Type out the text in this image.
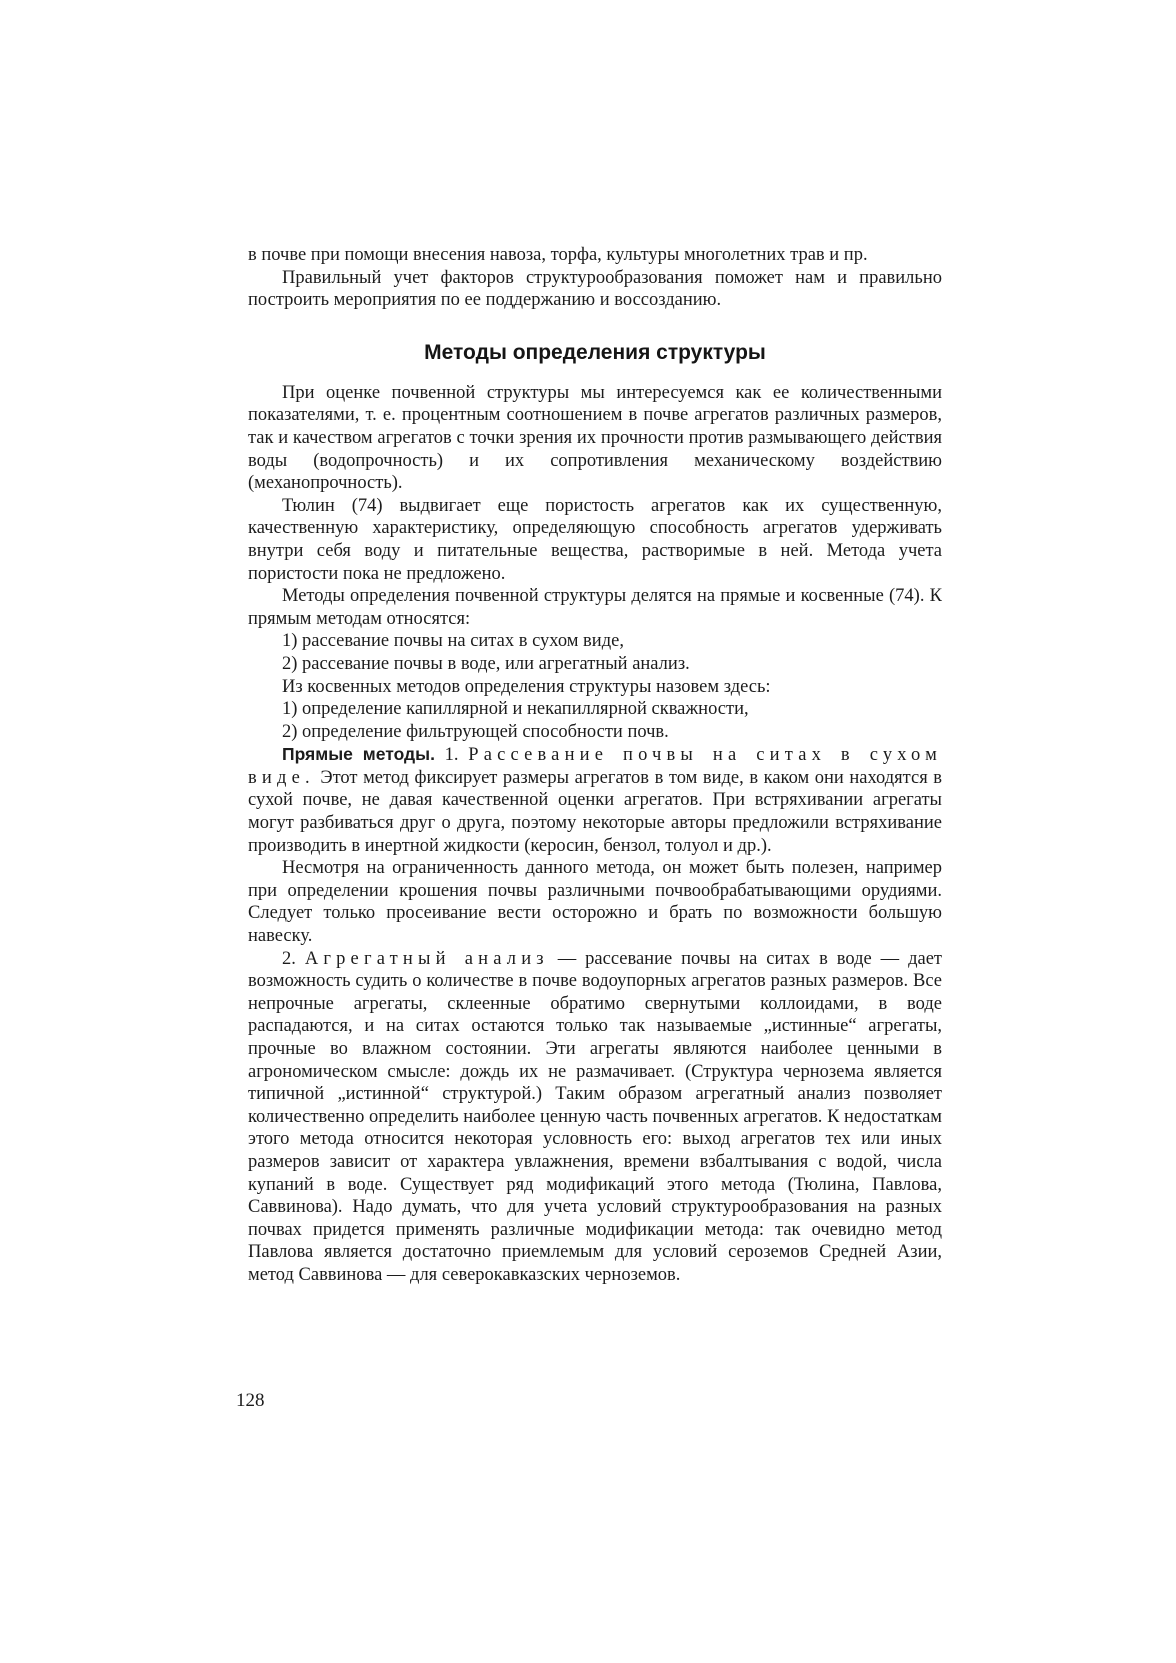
в почве при помощи внесения навоза, торфа, культуры многолетних трав и пр.

Правильный учет факторов структурообразования поможет нам и правильно построить мероприятия по ее поддержанию и воссозданию.

Методы определения структуры

При оценке почвенной структуры мы интересуемся как ее количественными показателями, т. е. процентным соотношением в почве агрегатов различных размеров, так и качеством агрегатов с точки зрения их прочности против размывающего действия воды (водопрочность) и их сопротивления механическому воздействию (механопрочность).

Тюлин (74) выдвигает еще пористость агрегатов как их существенную, качественную характеристику, определяющую способность агрегатов удерживать внутри себя воду и питательные вещества, растворимые в ней. Метода учета пористости пока не предложено.

Методы определения почвенной структуры делятся на прямые и косвенные (74). К прямым методам относятся:

1) рассевание почвы на ситах в сухом виде,

2) рассевание почвы в воде, или агрегатный анализ.

Из косвенных методов определения структуры назовем здесь:

1) определение капиллярной и некапиллярной скважности,

2) определение фильтрующей способности почв.

Прямые методы. 1. Рассевание почвы на ситах в сухом виде. Этот метод фиксирует размеры агрегатов в том виде, в каком они находятся в сухой почве, не давая качественной оценки агрегатов. При встряхивании агрегаты могут разбиваться друг о друга, поэтому некоторые авторы предложили встряхивание производить в инертной жидкости (керосин, бензол, толуол и др.).

Несмотря на ограниченность данного метода, он может быть полезен, например при определении крошения почвы различными почвообрабатывающими орудиями. Следует только просеивание вести осторожно и брать по возможности большую навеску.

2. Агрегатный анализ — рассевание почвы на ситах в воде — дает возможность судить о количестве в почве водоупорных агрегатов разных размеров. Все непрочные агрегаты, склеенные обратимо свернутыми коллоидами, в воде распадаются, и на ситах остаются только так называемые „истинные“ агрегаты, прочные во влажном состоянии. Эти агрегаты являются наиболее ценными в агрономическом смысле: дождь их не размачивает. (Структура чернозема является типичной „истинной“ структурой.) Таким образом агрегатный анализ позволяет количественно определить наиболее ценную часть почвенных агрегатов. К недостаткам этого метода относится некоторая условность его: выход агрегатов тех или иных размеров зависит от характера увлажнения, времени взбалтывания с водой, числа купаний в воде. Существует ряд модификаций этого метода (Тюлина, Павлова, Саввинова). Надо думать, что для учета условий структурообразования на разных почвах придется применять различные модификации метода: так очевидно метод Павлова является достаточно приемлемым для условий сероземов Средней Азии, метод Саввинова — для северокавказских черноземов.

128
